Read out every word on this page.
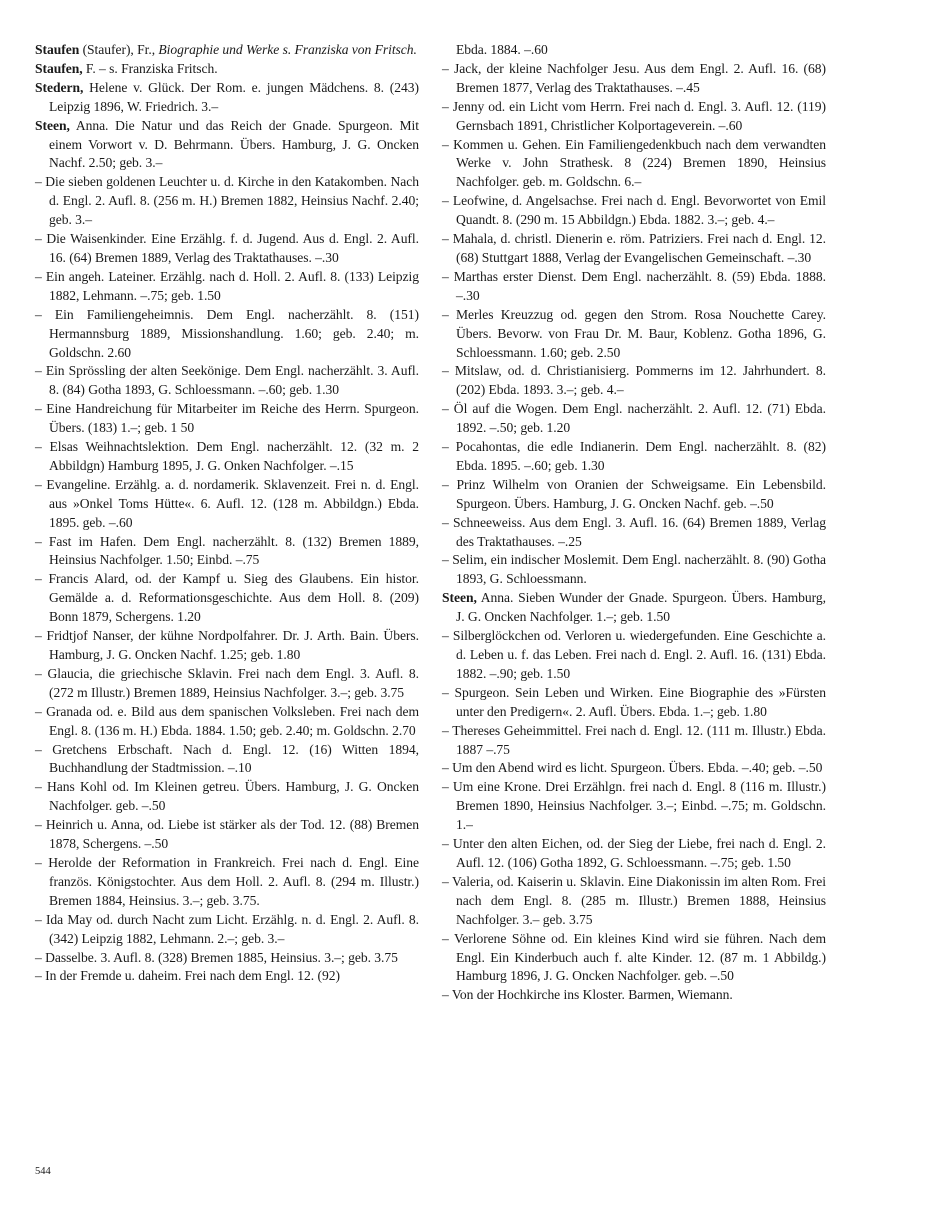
Staufen (Staufer), Fr., Biographie und Werke s. Franziska von Fritsch.

Staufen, F. – s. Franziska Fritsch.

Stedern, Helene v. Glück. Der Rom. e. jungen Mädchens. 8. (243) Leipzig 1896, W. Friedrich. 3.–

Steen, Anna. Die Natur und das Reich der Gnade. Spurgeon. Mit einem Vorwort v. D. Behrmann. Übers. Hamburg, J. G. Oncken Nachf. 2.50; geb. 3.–

– Die sieben goldenen Leuchter u. d. Kirche in den Katakomben. Nach d. Engl. 2. Aufl. 8. (256 m. H.) Bremen 1882, Heinsius Nachf. 2.40; geb. 3.–

– Die Waisenkinder. Eine Erzählg. f. d. Jugend. Aus d. Engl. 2. Aufl. 16. (64) Bremen 1889, Verlag des Traktathauses. –.30

– Ein angeh. Lateiner. Erzählg. nach d. Holl. 2. Aufl. 8. (133) Leipzig 1882, Lehmann. –.75; geb. 1.50

– Ein Familiengeheimnis. Dem Engl. nacherzählt. 8. (151) Hermannsburg 1889, Missionshandlung. 1.60; geb. 2.40; m. Goldschn. 2.60

– Ein Sprössling der alten Seekönige. Dem Engl. nacherzählt. 3. Aufl. 8. (84) Gotha 1893, G. Schloessmann. –.60; geb. 1.30

– Eine Handreichung für Mitarbeiter im Reiche des Herrn. Spurgeon. Übers. (183) 1.–; geb. 1 50

– Elsas Weihnachtslektion. Dem Engl. nacherzählt. 12. (32 m. 2 Abbildgn) Hamburg 1895, J. G. Onken Nachfolger. –.15

– Evangeline. Erzählg. a. d. nordamerik. Sklavenzeit. Frei n. d. Engl. aus »Onkel Toms Hütte«. 6. Aufl. 12. (128 m. Abbildgn.) Ebda. 1895. geb. –.60

– Fast im Hafen. Dem Engl. nacherzählt. 8. (132) Bremen 1889, Heinsius Nachfolger. 1.50; Einbd. –.75

– Francis Alard, od. der Kampf u. Sieg des Glaubens. Ein histor. Gemälde a. d. Reformationsgeschichte. Aus dem Holl. 8. (209) Bonn 1879, Schergens. 1.20

– Fridtjof Nanser, der kühne Nordpolfahrer. Dr. J. Arth. Bain. Übers. Hamburg, J. G. Oncken Nachf. 1.25; geb. 1.80

– Glaucia, die griechische Sklavin. Frei nach dem Engl. 3. Aufl. 8. (272 m Illustr.) Bremen 1889, Heinsius Nachfolger. 3.–; geb. 3.75

– Granada od. e. Bild aus dem spanischen Volksleben. Frei nach dem Engl. 8. (136 m. H.) Ebda. 1884. 1.50; geb. 2.40; m. Goldschn. 2.70

– Gretchens Erbschaft. Nach d. Engl. 12. (16) Witten 1894, Buchhandlung der Stadtmission. –.10

– Hans Kohl od. Im Kleinen getreu. Übers. Hamburg, J. G. Oncken Nachfolger. geb. –.50

– Heinrich u. Anna, od. Liebe ist stärker als der Tod. 12. (88) Bremen 1878, Schergens. –.50

– Herolde der Reformation in Frankreich. Frei nach d. Engl. Eine französ. Königstochter. Aus dem Holl. 2. Aufl. 8. (294 m. Illustr.) Bremen 1884, Heinsius. 3.–; geb. 3.75.

– Ida May od. durch Nacht zum Licht. Erzählg. n. d. Engl. 2. Aufl. 8. (342) Leipzig 1882, Lehmann. 2.–; geb. 3.–

– Dasselbe. 3. Aufl. 8. (328) Bremen 1885, Heinsius. 3.–; geb. 3.75

– In der Fremde u. daheim. Frei nach dem Engl. 12. (92)

Ebda. 1884. –.60

– Jack, der kleine Nachfolger Jesu. Aus dem Engl. 2. Aufl. 16. (68) Bremen 1877, Verlag des Traktathauses. –.45

– Jenny od. ein Licht vom Herrn. Frei nach d. Engl. 3. Aufl. 12. (119) Gernsbach 1891, Christlicher Kolportageverein. –.60

– Kommen u. Gehen. Ein Familiengedenkbuch nach dem verwandten Werke v. John Strathesk. 8 (224) Bremen 1890, Heinsius Nachfolger. geb. m. Goldschn. 6.–

– Leofwine, d. Angelsachse. Frei nach d. Engl. Bevorwortet von Emil Quandt. 8. (290 m. 15 Abbildgn.) Ebda. 1882. 3.–; geb. 4.–

– Mahala, d. christl. Dienerin e. röm. Patriziers. Frei nach d. Engl. 12. (68) Stuttgart 1888, Verlag der Evangelischen Gemeinschaft. –.30

– Marthas erster Dienst. Dem Engl. nacherzählt. 8. (59) Ebda. 1888. –.30

– Merles Kreuzzug od. gegen den Strom. Rosa Nouchette Carey. Übers. Bevorw. von Frau Dr. M. Baur, Koblenz. Gotha 1896, G. Schloessmann. 1.60; geb. 2.50

– Mitslaw, od. d. Christianisierg. Pommerns im 12. Jahrhundert. 8. (202) Ebda. 1893. 3.–; geb. 4.–

– Öl auf die Wogen. Dem Engl. nacherzählt. 2. Aufl. 12. (71) Ebda. 1892. –.50; geb. 1.20

– Pocahontas, die edle Indianerin. Dem Engl. nacherzählt. 8. (82) Ebda. 1895. –.60; geb. 1.30

– Prinz Wilhelm von Oranien der Schweigsame. Ein Lebensbild. Spurgeon. Übers. Hamburg, J. G. Oncken Nachf. geb. –.50

– Schneeweiss. Aus dem Engl. 3. Aufl. 16. (64) Bremen 1889, Verlag des Traktathauses. –.25

– Selim, ein indischer Moslemit. Dem Engl. nacherzählt. 8. (90) Gotha 1893, G. Schloessmann.

Steen, Anna. Sieben Wunder der Gnade. Spurgeon. Übers. Hamburg, J. G. Oncken Nachfolger. 1.–; geb. 1.50

– Silberglöckchen od. Verloren u. wiedergefunden. Eine Geschichte a. d. Leben u. f. das Leben. Frei nach d. Engl. 2. Aufl. 16. (131) Ebda. 1882. –.90; geb. 1.50

– Spurgeon. Sein Leben und Wirken. Eine Biographie des »Fürsten unter den Predigern«. 2. Aufl. Übers. Ebda. 1.–; geb. 1.80

– Thereses Geheimmittel. Frei nach d. Engl. 12. (111 m. Illustr.) Ebda. 1887 –.75

– Um den Abend wird es licht. Spurgeon. Übers. Ebda. –.40; geb. –.50

– Um eine Krone. Drei Erzählgn. frei nach d. Engl. 8 (116 m. Illustr.) Bremen 1890, Heinsius Nachfolger. 3.–; Einbd. –.75; m. Goldschn. 1.–

– Unter den alten Eichen, od. der Sieg der Liebe, frei nach d. Engl. 2. Aufl. 12. (106) Gotha 1892, G. Schloessmann. –.75; geb. 1.50

– Valeria, od. Kaiserin u. Sklavin. Eine Diakonissin im alten Rom. Frei nach dem Engl. 8. (285 m. Illustr.) Bremen 1888, Heinsius Nachfolger. 3.– geb. 3.75

– Verlorene Söhne od. Ein kleines Kind wird sie führen. Nach dem Engl. Ein Kinderbuch auch f. alte Kinder. 12. (87 m. 1 Abbildg.) Hamburg 1896, J. G. Oncken Nachfolger. geb. –.50

– Von der Hochkirche ins Kloster. Barmen, Wiemann.

544
